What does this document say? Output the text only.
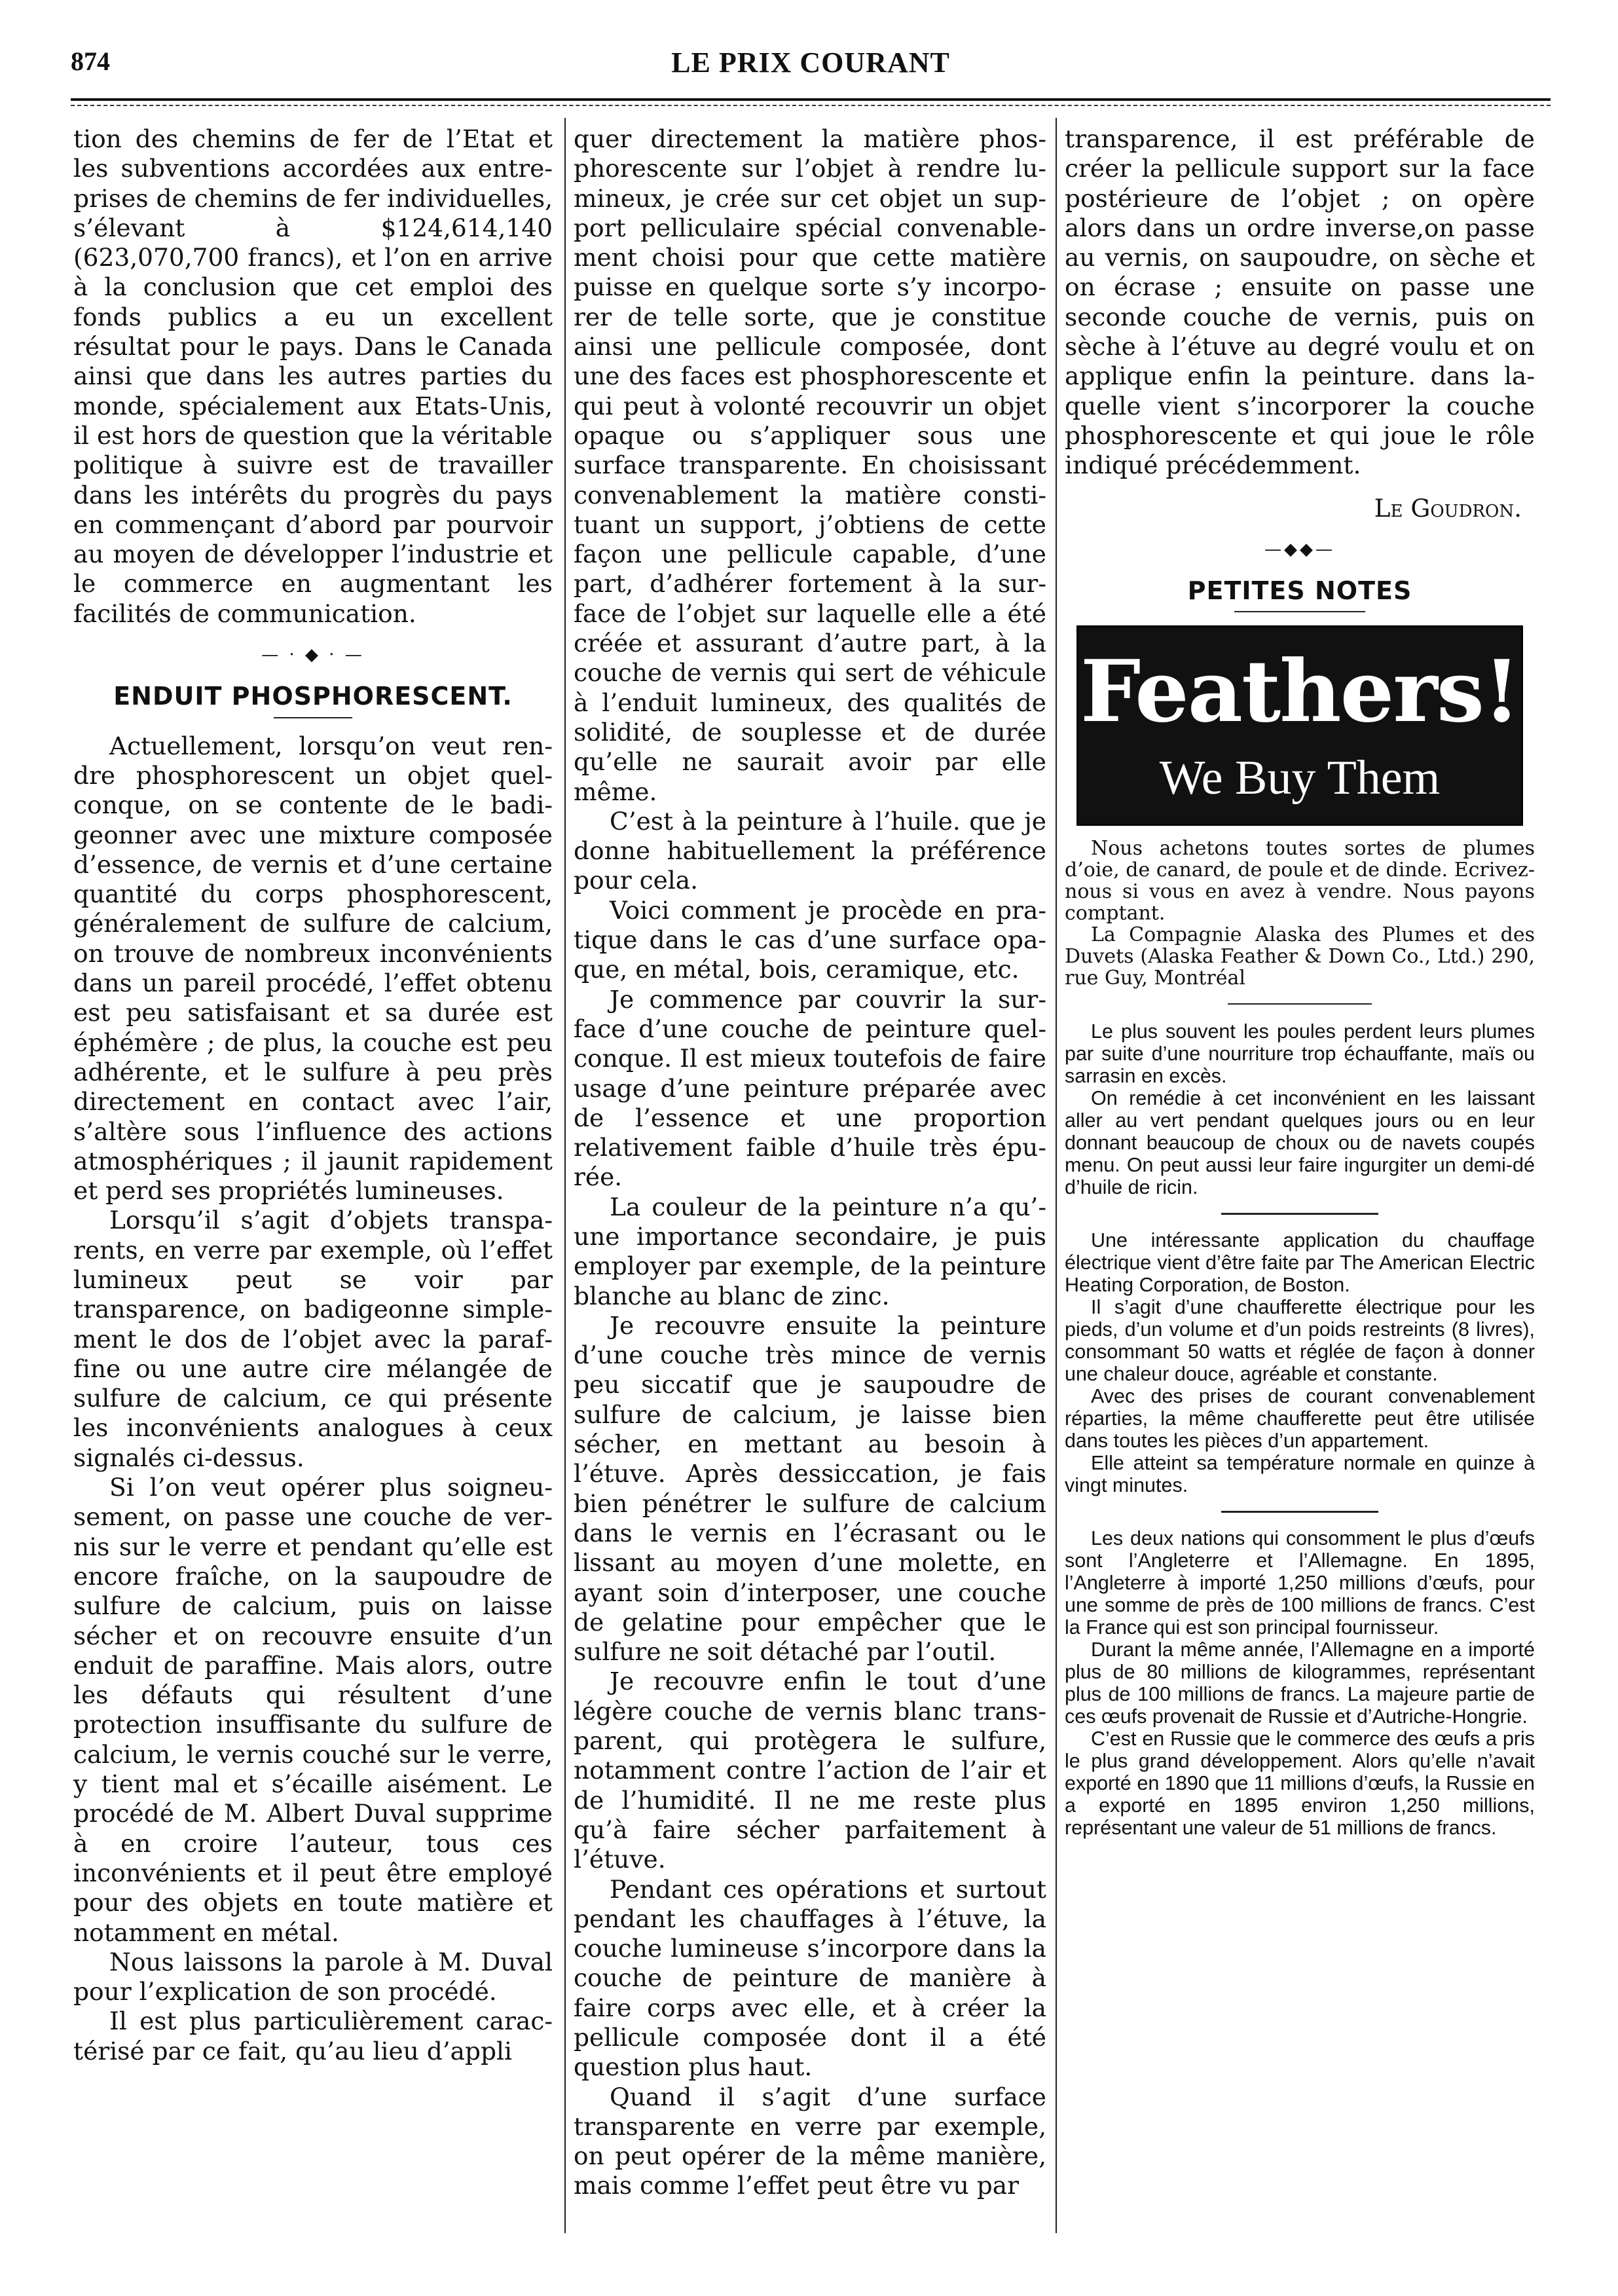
874	LE PRIX COURANT

tion des chemins de fer de l’Etat et les subventions accordées aux entreprises de chemins de fer individuelles, s’élevant à $124,614,140 (623,070,700 francs), et l’on en arrive à la conclusion que cet emploi des fonds publics a eu un excellent résultat pour le pays. Dans le Canada ainsi que dans les autres parties du monde, spécialement aux Etats-Unis, il est hors de question que la véritable politique à suivre est de travailler dans les intérêts du progrès du pays en commençant d’abord par pourvoir au moyen de développer l’industrie et le commerce en augmentant les facilités de communication.

— · ◆ · —
ENDUIT PHOSPHORESCENT.

Actuellement, lorsqu’on veut rendre phosphorescent un objet quelconque, on se contente de le badigeonner avec une mixture composée d’essence, de vernis et d’une certaine quantité du corps phosphorescent, généralement de sulfure de calcium, on trouve de nombreux inconvénients dans un pareil procédé, l’effet obtenu est peu satisfaisant et sa durée est éphémère ; de plus, la couche est peu adhérente, et le sulfure à peu près directement en contact avec l’air, s’altère sous l’influence des actions atmosphériques ; il jaunit rapidement et perd ses propriétés lumineuses.

Lorsqu’il s’agit d’objets transparents, en verre par exemple, où l’effet lumineux peut se voir par transparence, on badigeonne simplement le dos de l’objet avec la paraffine ou une autre cire mélangée de sulfure de calcium, ce qui présente les inconvénients analogues à ceux signalés ci-dessus.

Si l’on veut opérer plus soigneusement, on passe une couche de vernis sur le verre et pendant qu’elle est encore fraîche, on la saupoudre de sulfure de calcium, puis on laisse sécher et on recouvre ensuite d’un enduit de paraffine. Mais alors, outre les défauts qui résultent d’une protection insuffisante du sulfure de calcium, le vernis couché sur le verre, y tient mal et s’écaille aisément. Le procédé de M. Albert Duval supprime à en croire l’auteur, tous ces inconvénients et il peut être employé pour des objets en toute matière et notamment en métal.

Nous laissons la parole à M. Duval pour l’explication de son procédé.

Il est plus particulièrement caractérisé par ce fait, qu’au lieu d’appli

quer directement la matière phosphorescente sur l’objet à rendre lumineux, je crée sur cet objet un support pelliculaire spécial convenablement choisi pour que cette matière puisse en quelque sorte s’y incorporer de telle sorte, que je constitue ainsi une pellicule composée, dont une des faces est phosphorescente et qui peut à volonté recouvrir un objet opaque ou s’appliquer sous une surface transparente. En choisissant convenablement la matière constituant un support, j’obtiens de cette façon une pellicule capable, d’une part, d’adhérer fortement à la surface de l’objet sur laquelle elle a été créée et assurant d’autre part, à la couche de vernis qui sert de véhicule à l’enduit lumineux, des qualités de solidité, de souplesse et de durée qu’elle ne saurait avoir par elle même.

C’est à la peinture à l’huile. que je donne habituellement la préférence pour cela.

Voici comment je procède en pratique dans le cas d’une surface opaque, en métal, bois, ceramique, etc.

Je commence par couvrir la surface d’une couche de peinture quelconque. Il est mieux toutefois de faire usage d’une peinture préparée avec de l’essence et une proportion relativement faible d’huile très épurée.

La couleur de la peinture n’a qu’une importance secondaire, je puis employer par exemple, de la peinture blanche au blanc de zinc.

Je recouvre ensuite la peinture d’une couche très mince de vernis peu siccatif que je saupoudre de sulfure de calcium, je laisse bien sécher, en mettant au besoin à l’étuve. Après dessiccation, je fais bien pénétrer le sulfure de calcium dans le vernis en l’écrasant ou le lissant au moyen d’une molette, en ayant soin d’interposer, une couche de gelatine pour empêcher que le sulfure ne soit détaché par l’outil.

Je recouvre enfin le tout d’une légère couche de vernis blanc transparent, qui protègera le sulfure, notamment contre l’action de l’air et de l’humidité. Il ne me reste plus qu’à faire sécher parfaitement à l’étuve.

Pendant ces opérations et surtout pendant les chauffages à l’étuve, la couche lumineuse s’incorpore dans la couche de peinture de manière à faire corps avec elle, et à créer la pellicule composée dont il a été question plus haut.

Quand il s’agit d’une surface transparente en verre par exemple, on peut opérer de la même manière, mais comme l’effet peut être vu par

transparence, il est préférable de créer la pellicule support sur la face postérieure de l’objet ; on opère alors dans un ordre inverse,on passe au vernis, on saupoudre, on sèche et on écrase ; ensuite on passe une seconde couche de vernis, puis on sèche à l’étuve au degré voulu et on applique enfin la peinture. dans laquelle vient s’incorporer la couche phosphorescente et qui joue le rôle indiqué précédemment.

Le Goudron.
—◆◆—
PETITES NOTES
Feathers!
We Buy Them

Nous achetons toutes sortes de plumes d’oie, de canard, de poule et de dinde. Ecrivez-nous si vous en avez à vendre. Nous payons comptant.

La Compagnie Alaska des Plumes et des Duvets (Alaska Feather & Down Co., Ltd.) 290, rue Guy, Montréal

Le plus souvent les poules perdent leurs plumes par suite d’une nourriture trop échauffante, maïs ou sarrasin en excès.

On remédie à cet inconvénient en les laissant aller au vert pendant quelques jours ou en leur donnant beaucoup de choux ou de navets coupés menu. On peut aussi leur faire ingurgiter un demi-dé d’huile de ricin.

Une intéressante application du chauffage électrique vient d’être faite par The American Electric Heating Corporation, de Boston.

Il s’agit d’une chaufferette électrique pour les pieds, d’un volume et d’un poids restreints (8 livres), consommant 50 watts et réglée de façon à donner une chaleur douce, agréable et constante.

Avec des prises de courant convenablement réparties, la même chaufferette peut être utilisée dans toutes les pièces d’un appartement.

Elle atteint sa température normale en quinze à vingt minutes.

Les deux nations qui consomment le plus d’œufs sont l’Angleterre et l’Allemagne. En 1895, l’Angleterre à importé 1,250 millions d’œufs, pour une somme de près de 100 millions de francs. C’est la France qui est son principal fournisseur.

Durant la même année, l’Allemagne en a importé plus de 80 millions de kilogrammes, représentant plus de 100 millions de francs. La majeure partie de ces œufs provenait de Russie et d’Autriche-Hongrie.

C’est en Russie que le commerce des œufs a pris le plus grand développement. Alors qu’elle n’avait exporté en 1890 que 11 millions d’œufs, la Russie en a exporté en 1895 environ 1,250 millions, représentant une valeur de 51 millions de francs.
